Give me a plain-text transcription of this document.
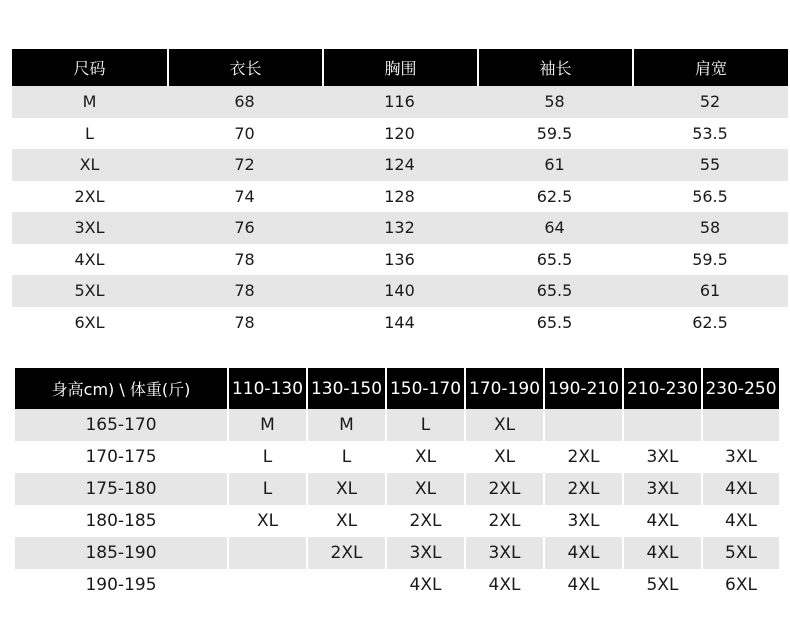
尺码	衣长	胸围	袖长	肩宽
M	68	116	58	52
L	70	120	59.5	53.5
XL	72	124	61	55
2XL	74	128	62.5	56.5
3XL	76	132	64	58
4XL	78	136	65.5	59.5
5XL	78	140	65.5	61
6XL	78	144	65.5	62.5
身高cm) \ 体重(斤)	110-130	130-150	150-170	170-190	190-210	210-230	230-250
165-170	M	M	L	XL			
170-175	L	L	XL	XL	2XL	3XL	3XL
175-180	L	XL	XL	2XL	2XL	3XL	4XL
180-185	XL	XL	2XL	2XL	3XL	4XL	4XL
185-190		2XL	3XL	3XL	4XL	4XL	5XL
190-195			4XL	4XL	4XL	5XL	6XL
